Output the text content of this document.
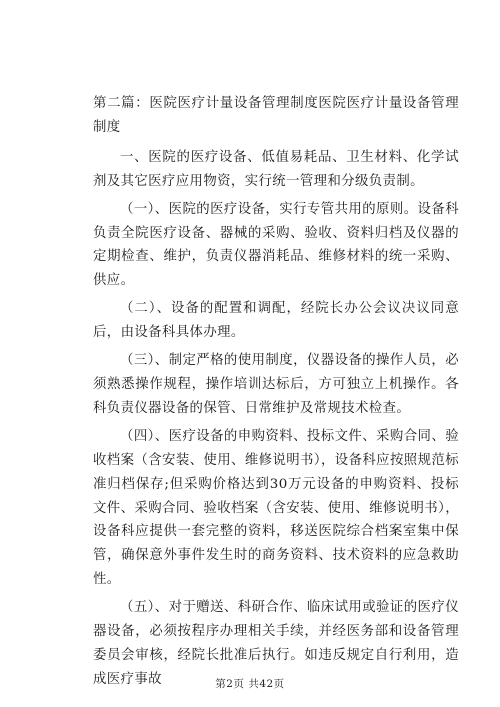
第二篇：医院医疗计量设备管理制度医院医疗计量设备管理制度

一、医院的医疗设备、低值易耗品、卫生材料、化学试剂及其它医疗应用物资，实行统一管理和分级负责制。

（一）、医院的医疗设备，实行专管共用的原则。设备科负责全院医疗设备、器械的采购、验收、资料归档及仪器的定期检查、维护，负责仪器消耗品、维修材料的统一采购、供应。

（二）、设备的配置和调配，经院长办公会议决议同意后，由设备科具体办理。

（三）、制定严格的使用制度，仪器设备的操作人员，必须熟悉操作规程，操作培训达标后，方可独立上机操作。各科负责仪器设备的保管、日常维护及常规技术检查。

（四）、医疗设备的申购资料、投标文件、采购合同、验收档案（含安装、使用、维修说明书），设备科应按照规范标准归档保存;但采购价格达到30万元设备的申购资料、投标文件、采购合同、验收档案（含安装、使用、维修说明书），设备科应提供一套完整的资料，移送医院综合档案室集中保管，确保意外事件发生时的商务资料、技术资料的应急救助性。

（五）、对于赠送、科研合作、临床试用或验证的医疗仪器设备，必须按程序办理相关手续，并经医务部和设备管理委员会审核，经院长批准后执行。如违反规定自行利用，造成医疗事故	第2页 共42页
